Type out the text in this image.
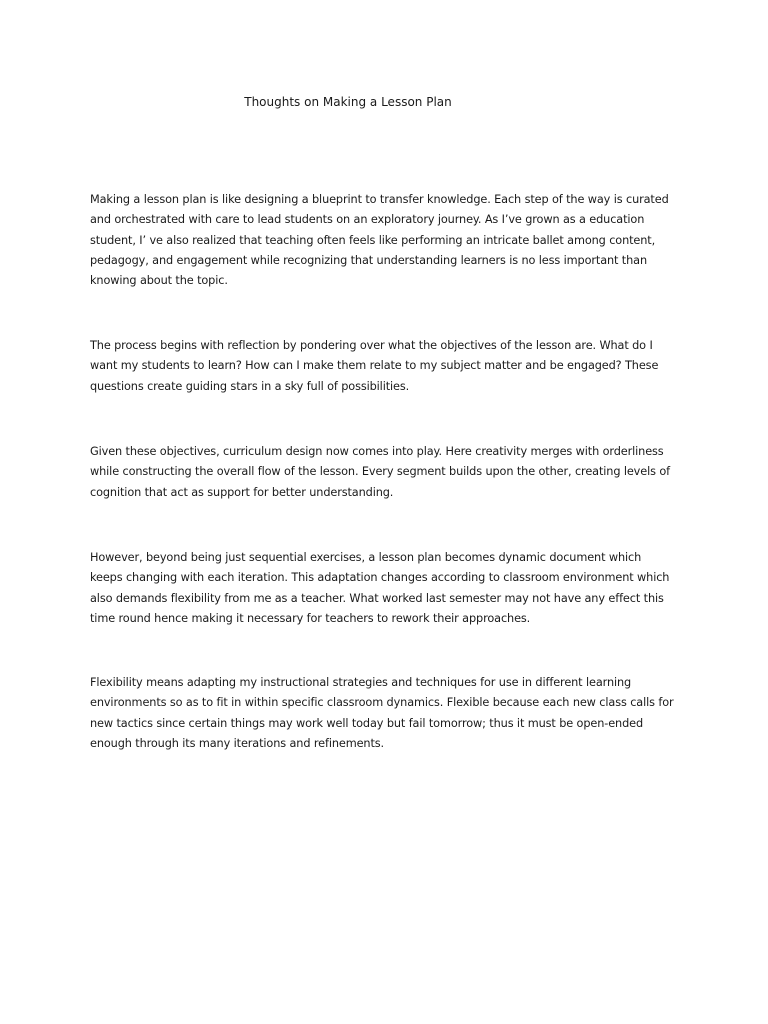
Thoughts on Making a Lesson Plan

Making a lesson plan is like designing a blueprint to transfer knowledge. Each step of the way is curated
and orchestrated with care to lead students on an exploratory journey. As I’ve grown as a education
student, I’ ve also realized that teaching often feels like performing an intricate ballet among content,
pedagogy, and engagement while recognizing that understanding learners is no less important than
knowing about the topic.

The process begins with reflection by pondering over what the objectives of the lesson are. What do I
want my students to learn? How can I make them relate to my subject matter and be engaged? These
questions create guiding stars in a sky full of possibilities.

Given these objectives, curriculum design now comes into play. Here creativity merges with orderliness
while constructing the overall flow of the lesson. Every segment builds upon the other, creating levels of
cognition that act as support for better understanding.

However, beyond being just sequential exercises, a lesson plan becomes dynamic document which
keeps changing with each iteration. This adaptation changes according to classroom environment which
also demands flexibility from me as a teacher. What worked last semester may not have any effect this
time round hence making it necessary for teachers to rework their approaches.

Flexibility means adapting my instructional strategies and techniques for use in different learning
environments so as to fit in within specific classroom dynamics. Flexible because each new class calls for
new tactics since certain things may work well today but fail tomorrow; thus it must be open-ended
enough through its many iterations and refinements.
